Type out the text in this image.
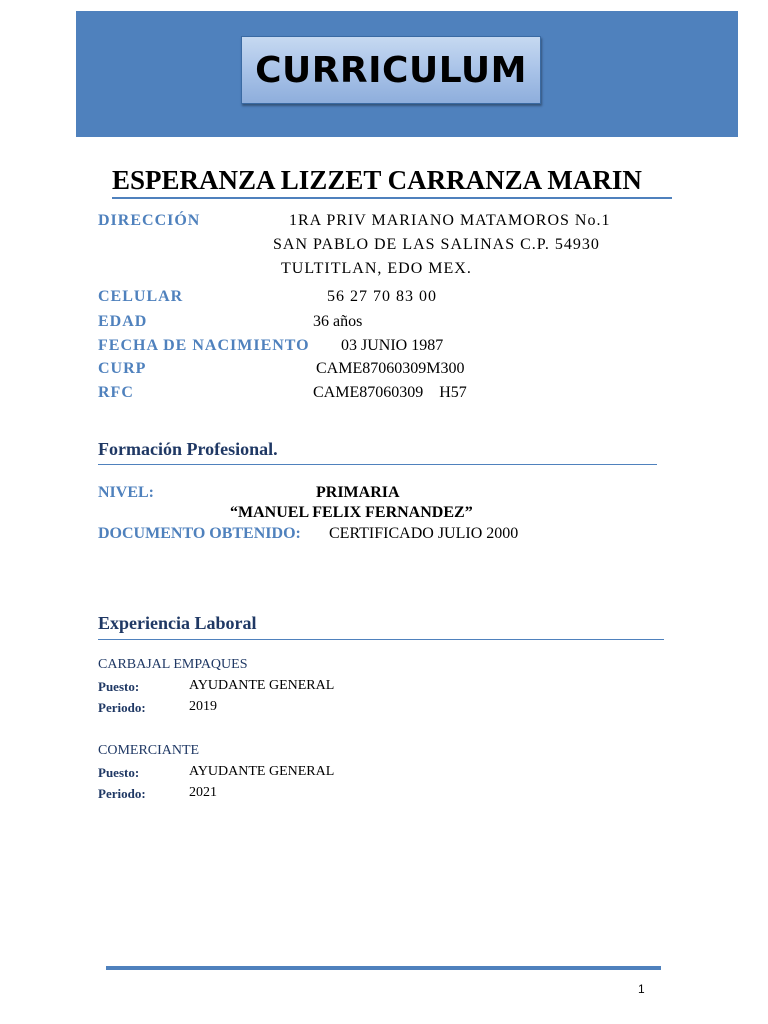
CURRICULUM
ESPERANZA LIZZET CARRANZA MARIN
DIRECCIÓN	1RA PRIV MARIANO MATAMOROS No.1
SAN PABLO DE LAS SALINAS C.P. 54930
TULTITLAN, EDO MEX.
CELULAR	56 27 70 83 00
EDAD	36 años
FECHA DE NACIMIENTO 03 JUNIO 1987
CURP	CAME87060309M300
RFC	CAME87060309    H57
Formación Profesional.
NIVEL:	PRIMARIA
“MANUEL FELIX FERNANDEZ”
DOCUMENTO OBTENIDO: CERTIFICADO JULIO 2000
Experiencia Laboral
CARBAJAL EMPAQUES
Puesto:	AYUDANTE GENERAL
Periodo:	2019
COMERCIANTE
Puesto:	AYUDANTE GENERAL
Periodo:	2021
1
